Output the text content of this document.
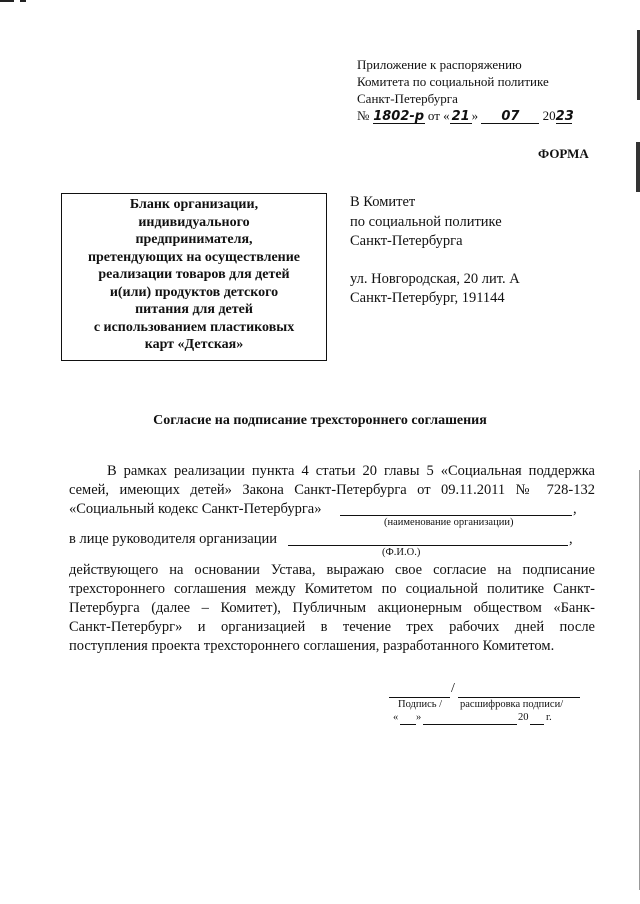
Приложение к распоряжению
Комитета по социальной политике
Санкт-Петербурга
№ 1802-р от « 21 » 07 2023
ФОРМА
Бланк организации,
индивидуального
предпринимателя,
претендующих на осуществление
реализации товаров для детей
и(или) продуктов детского
питания для детей
с использованием пластиковых
карт «Детская»
В Комитет
по социальной политике
Санкт-Петербурга
ул. Новгородская, 20 лит. А
Санкт-Петербург, 191144
Согласие на подписание трехстороннего соглашения
В рамках реализации пункта 4 статьи 20 главы 5 «Социальная поддержка
семей, имеющих детей» Закона Санкт-Петербурга от 09.11.2011 № 728-132
«Социальный кодекс Санкт-Петербурга»	,
(наименование организации)
в лице руководителя организации	,
(Ф.И.О.)
действующего на основании Устава, выражаю свое согласие на подписание
трехстороннего соглашения между Комитетом по социальной политике Санкт-
Петербурга (далее – Комитет), Публичным акционерным обществом «Банк-
Санкт-Петербург» и организацией в течение трех рабочих дней после
поступления проекта трехстороннего соглашения, разработанного Комитетом.
/
Подпись / расшифровка подписи/
« »	20 г.
